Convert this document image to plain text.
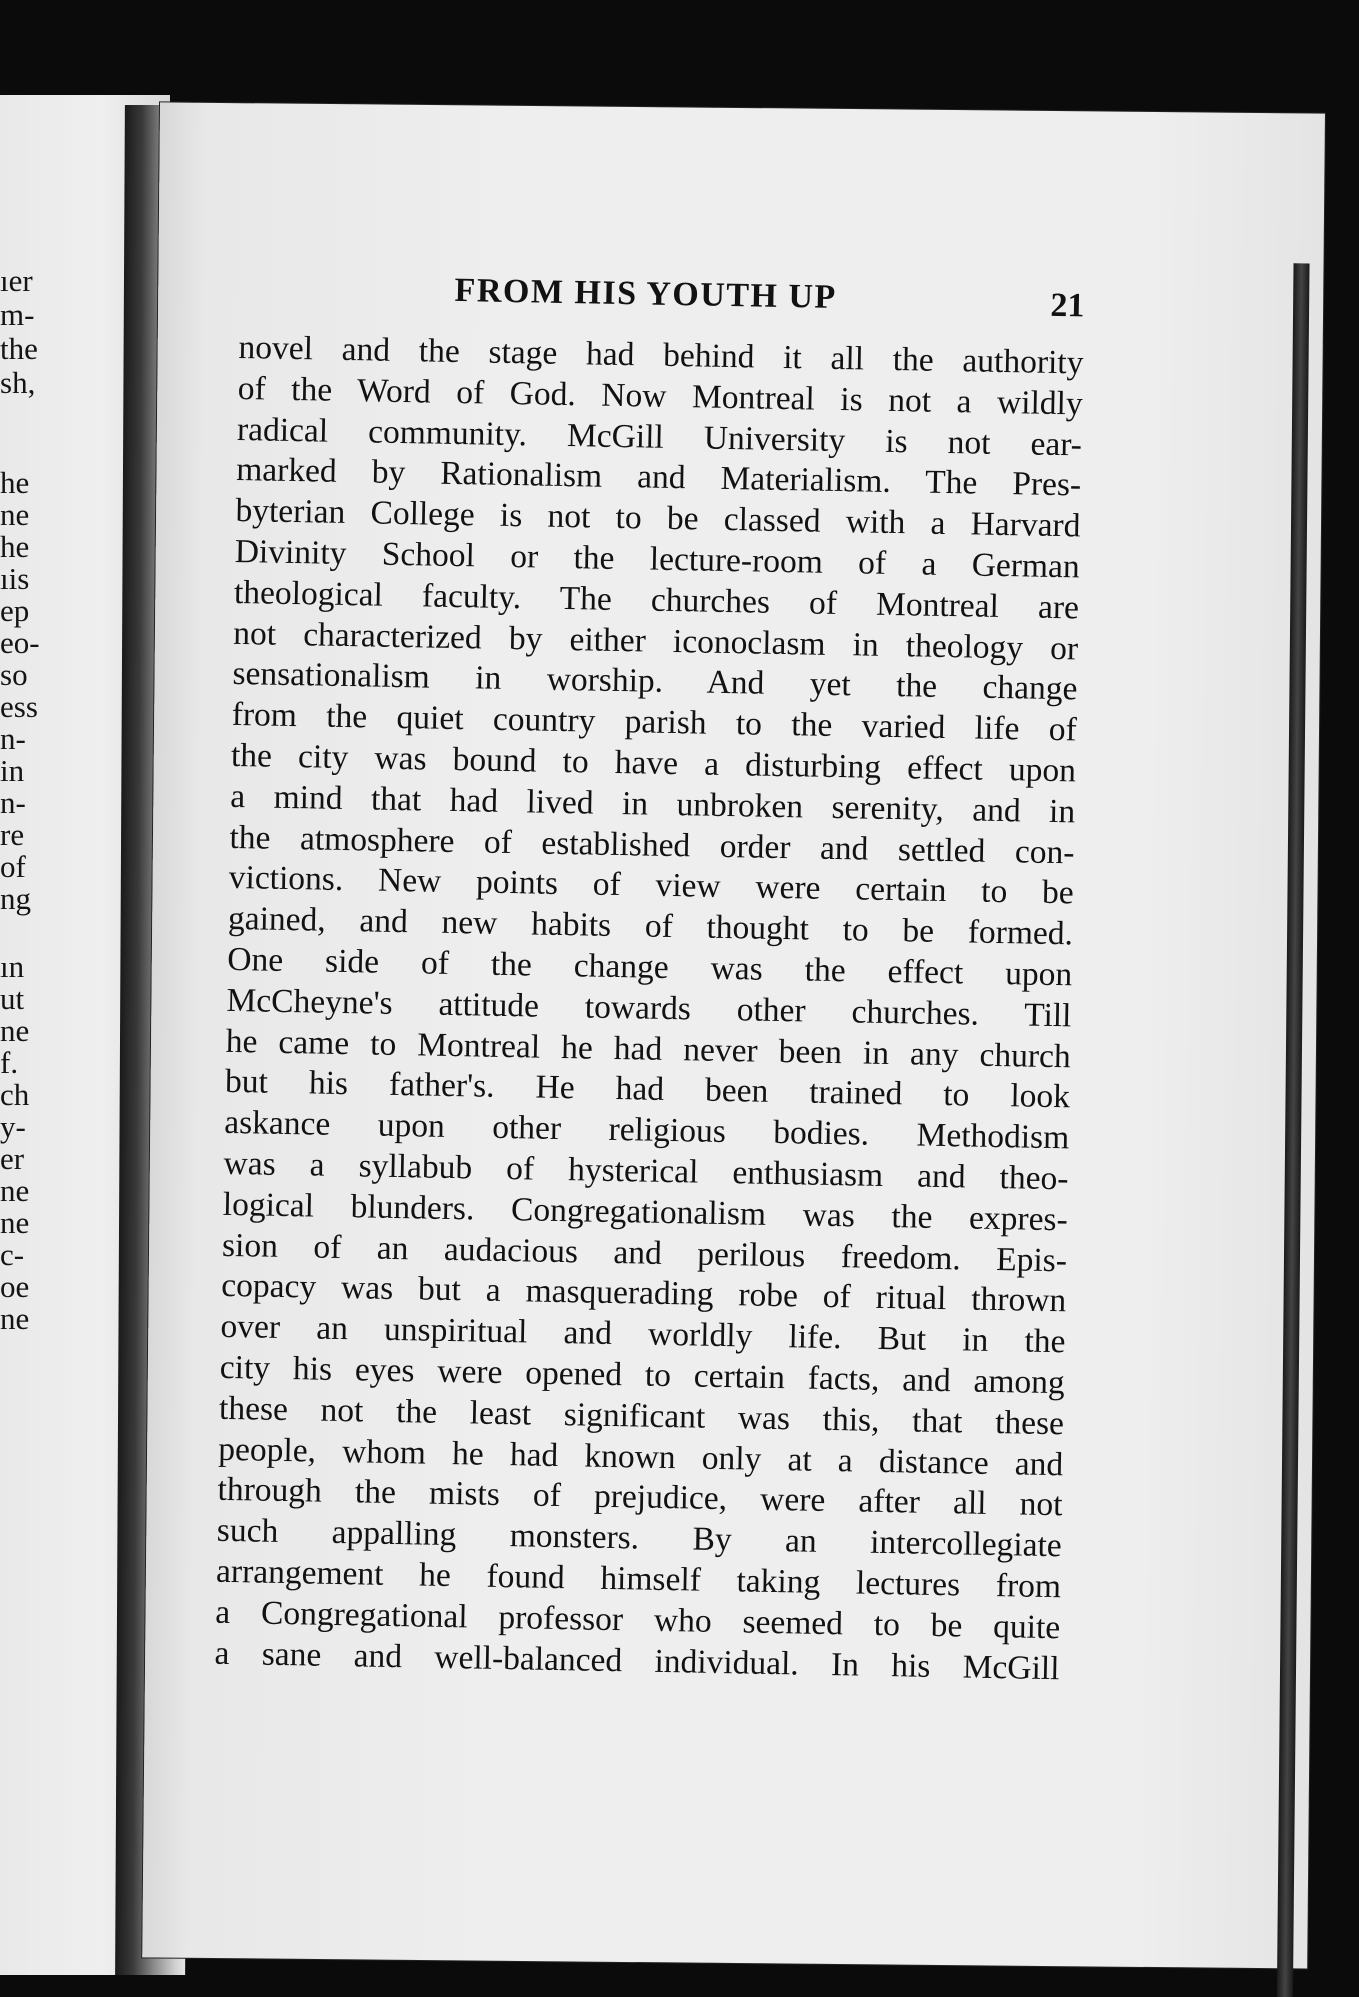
ıer
m-
the
sh,
he
ne
he
ıis
ep
eo-
so
ess
n-
in
n-
re
of
ng
ın
ut
ne
f.
ch
y-
er
ne
ne
c-
oe
ne
FROM HIS YOUTH UP	21
novel and the stage had behind it all the authority
of the Word of God. Now Montreal is not a wildly
radical community. McGill University is not ear-
marked by Rationalism and Materialism. The Pres-
byterian College is not to be classed with a Harvard
Divinity School or the lecture-room of a German
theological faculty. The churches of Montreal are
not characterized by either iconoclasm in theology or
sensationalism in worship. And yet the change
from the quiet country parish to the varied life of
the city was bound to have a disturbing effect upon
a mind that had lived in unbroken serenity, and in
the atmosphere of established order and settled con-
victions. New points of view were certain to be
gained, and new habits of thought to be formed.
One side of the change was the effect upon
McCheyne's attitude towards other churches. Till
he came to Montreal he had never been in any church
but his father's. He had been trained to look
askance upon other religious bodies. Methodism
was a syllabub of hysterical enthusiasm and theo-
logical blunders. Congregationalism was the expres-
sion of an audacious and perilous freedom. Epis-
copacy was but a masquerading robe of ritual thrown
over an unspiritual and worldly life. But in the
city his eyes were opened to certain facts, and among
these not the least significant was this, that these
people, whom he had known only at a distance and
through the mists of prejudice, were after all not
such appalling monsters. By an intercollegiate
arrangement he found himself taking lectures from
a Congregational professor who seemed to be quite
a sane and well-balanced individual. In his McGill
